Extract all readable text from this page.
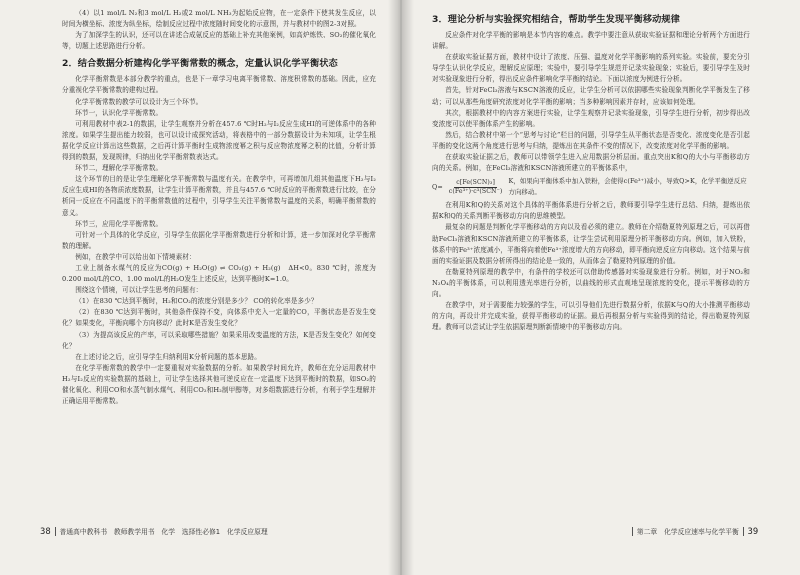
（4）以1 mol/L N₂和3 mol/L H₂或2 mol/L NH₃为起始反应物，在一定条件下使其发生反应，以时间为横坐标、浓度为纵坐标，绘制反应过程中浓度随时间变化的示意图，并与教材中的图2-3对照。

为了加深学生的认识，还可以在讲述合成氨反应的基础上补充其他案例，如高炉炼铁、SO₂的催化氧化等，切题上述思路进行分析。

2．结合数据分析建构化学平衡常数的概念，定量认识化学平衡状态

化学平衡常数是本部分教学的重点，也是下一章学习电离平衡常数、溶度积常数的基础。因此，应充分重视化学平衡常数的建构过程。

化学平衡常数的教学可以设计为三个环节。

环节一，认识化学平衡常数。

可利用教材中表2-1的数据，让学生观察并分析在457.6 ℃时H₂与I₂反应生成HI的可逆体系中的各种浓度。如果学生提出能力较弱，也可以设计成探究活动，将表格中的一部分数据设计为未知项，让学生根据化学反应计算出这些数据，之后再计算平衡时生成物浓度幂之积与反应物浓度幂之积的比值，分析计算得到的数据，发现规律，归纳出化学平衡常数表达式。

环节二，理解化学平衡常数。

这个环节的目的是让学生理解化学平衡常数与温度有关。在教学中，可再增加几组其他温度下H₂与I₂反应生成HI的各物质浓度数据，让学生计算平衡常数，并且与457.6 ℃时反应的平衡常数进行比较，在分析同一反应在不同温度下的平衡常数值的过程中，引导学生关注平衡常数与温度的关系，明确平衡常数的意义。

环节三，应用化学平衡常数。

可针对一个具体的化学反应，引导学生依据化学平衡常数进行分析和计算，进一步加深对化学平衡常数的理解。

例如，在教学中可以给出如下情境素材：

工业上制备水煤气的反应为CO(g) + H₂O(g) ⇌ CO₂(g) + H₂(g)　ΔH<0。830 ℃时，浓度为0.200 mol/L的CO、1.00 mol/L的H₂O发生上述反应，达到平衡时K=1.0。

围绕这个情境，可以让学生思考的问题有：

（1）在830 ℃达到平衡时，H₂和CO₂的浓度分别是多少？ CO的转化率是多少？

（2）在830 ℃达到平衡时，其他条件保持不变，向体系中充入一定量的CO，平衡状态是否发生变化？如果变化，平衡向哪个方向移动？此时K是否发生变化？

（3）为提高该反应的产率，可以采取哪些措施？如果采用改变温度的方法，K是否发生变化？如何变化？

在上述讨论之后，应引导学生归纳利用K分析问题的基本思路。

在化学平衡常数的教学中一定要重视对实验数据的分析。如果教学时间允许，教师在充分运用教材中H₂与I₂反应的实验数据的基础上，可让学生选择其他可逆反应在一定温度下达到平衡时的数据，如SO₂的催化氧化、利用CO和水蒸气制水煤气、利用CO₂和H₂制甲醇等，对多组数据进行分析，有利于学生理解并正确运用平衡常数。

38 普通高中教科书　教师教学用书　化学　选择性必修1　化学反应原理
3．理论分析与实验探究相结合，帮助学生发现平衡移动规律

反应条件对化学平衡的影响是本节内容的难点。教学中要注意从获取实验证据和理论分析两个方面进行讲解。

在获取实验证据方面，教材中设计了浓度、压强、温度对化学平衡影响的系列实验。实验前，要充分引导学生认识化学反应，理解反应原理；实验中，要引导学生规范并记录实验现象；实验后，要引导学生及时对实验现象进行分析，得出反应条件影响化学平衡的结论。下面以浓度为例进行分析。

首先，针对FeCl₃溶液与KSCN溶液的反应，让学生分析可以依据哪些实验现象判断化学平衡发生了移动；可以从那些角度研究浓度对化学平衡的影响；当多种影响因素并存时，应该如何处理。

其次，根据教材中的内容方案进行实验，让学生观察并记录实验现象，引导学生进行分析，初步得出改变浓度可以使平衡体系产生的影响。

然后，结合教材中第一个“思考与讨论”栏目的问题，引导学生从平衡状态是否变化、浓度变化是否引起平衡的变化这两个角度进行思考与归纳，提炼出在其条件不变的情况下，改变浓度对化学平衡的影响。

在获取实验证据之后，教师可以带领学生进入应用数据分析层面。重点突出K和Q的大小与平衡移动方向的关系。例如，在FeCl₃溶液和KSCN溶液所建立的平衡体系中，

$Q= \frac{\text{c[Fe(SCN)₃]}}{\text{c(Fe³⁺)·c³(SCN⁻)}}$ K，如果向平衡体系中加入铁粉，会使得c(Fe³⁺)减小，导致Q>K，化学平衡逆反应方向移动。

在利用K和Q的关系对这个具体的平衡体系进行分析之后，教师要引导学生进行总结、归纳，提炼出依据K和Q的关系判断平衡移动方向的思维模型。

最复杂的问题是判断化学平衡移动的方向以及看必须的建立。教师在介绍勒夏特列原理之后，可以再借助FeCl₃溶液和KSCN溶液所建立的平衡体系，让学生尝试利用原理分析平衡移动方向。例如，加入铁粉，体系中的Fe³⁺浓度减小，平衡将向着使Fe³⁺浓度增大的方向移动，即平衡向逆反应方向移动。这个结果与前面的实验证据及数据分析所得出的结论是一致的，从而体会了勒夏特列原理的价值。

在勒夏特列原理的教学中，有条件的学校还可以借助传感器对实验现象进行分析。例如，对于NO₂和N₂O₄的平衡体系，可以利用透光率进行分析，以曲线的形式直观地呈现浓度的变化，提示平衡移动的方向。

在教学中，对于需要能力较强的学生，可以引导他们先进行数据分析，依据K与Q的大小推测平衡移动的方向，再设计并完成实验，获得平衡移动的证据。最后再根据分析与实验得到的结论，得出勒夏特列原理。教师可以尝试让学生依据原理判断新情境中的平衡移动方向。

第二章　化学反应速率与化学平衡 39
